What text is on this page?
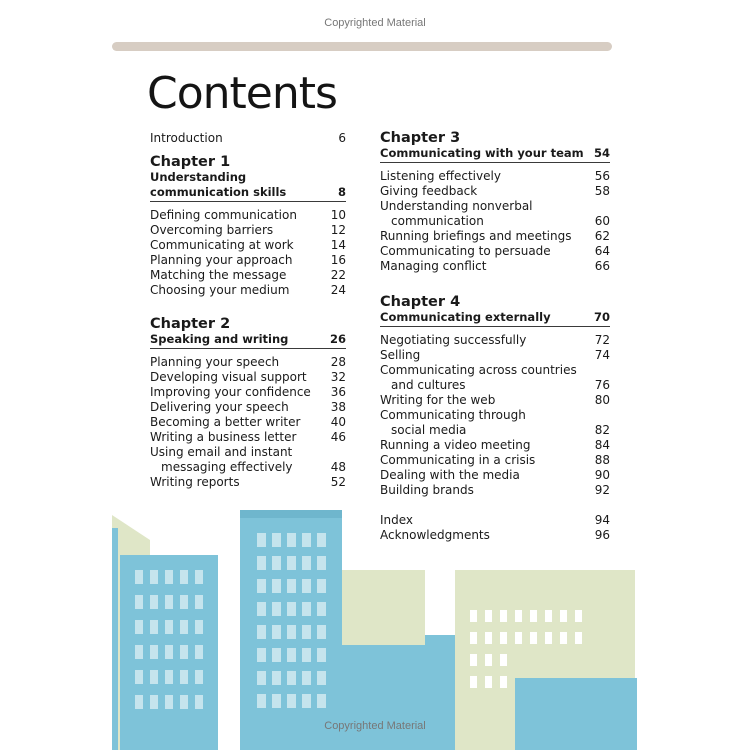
Copyrighted Material
Contents
Introduction	6
Chapter 1
Understanding
communication skills	8
Defining communication	10
Overcoming barriers	12
Communicating at work	14
Planning your approach	16
Matching the message	22
Choosing your medium	24
Chapter 2
Speaking and writing	26
Planning your speech	28
Developing visual support	32
Improving your confidence	36
Delivering your speech	38
Becoming a better writer	40
Writing a business letter	46
Using email and instant
messaging effectively	48
Writing reports	52
Chapter 3
Communicating with your team 54
Listening effectively	56
Giving feedback	58
Understanding nonverbal
communication	60
Running briefings and meetings	62
Communicating to persuade	64
Managing conflict	66
Chapter 4
Communicating externally	70
Negotiating successfully	72
Selling	74
Communicating across countries
and cultures	76
Writing for the web	80
Communicating through
social media	82
Running a video meeting	84
Communicating in a crisis	88
Dealing with the media	90
Building brands	92
Index	94
Acknowledgments	96
Copyrighted Material
